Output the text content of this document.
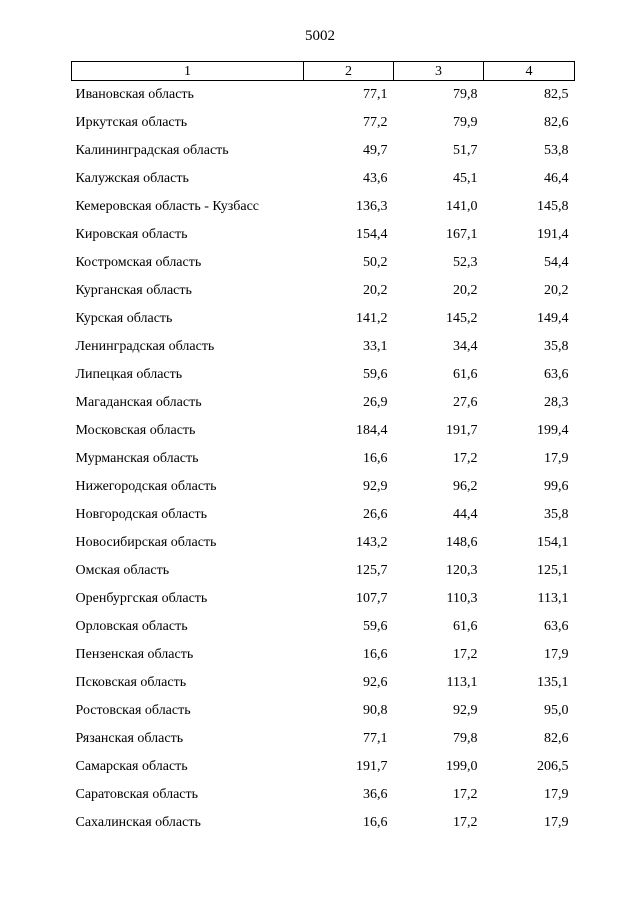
5002
1	2	3	4
Ивановская область	77,1	79,8	82,5
Иркутская область	77,2	79,9	82,6
Калининградская область	49,7	51,7	53,8
Калужская область	43,6	45,1	46,4
Кемеровская область - Кузбасс	136,3	141,0	145,8
Кировская область	154,4	167,1	191,4
Костромская область	50,2	52,3	54,4
Курганская область	20,2	20,2	20,2
Курская область	141,2	145,2	149,4
Ленинградская область	33,1	34,4	35,8
Липецкая область	59,6	61,6	63,6
Магаданская область	26,9	27,6	28,3
Московская область	184,4	191,7	199,4
Мурманская область	16,6	17,2	17,9
Нижегородская область	92,9	96,2	99,6
Новгородская область	26,6	44,4	35,8
Новосибирская область	143,2	148,6	154,1
Омская область	125,7	120,3	125,1
Оренбургская область	107,7	110,3	113,1
Орловская область	59,6	61,6	63,6
Пензенская область	16,6	17,2	17,9
Псковская область	92,6	113,1	135,1
Ростовская область	90,8	92,9	95,0
Рязанская область	77,1	79,8	82,6
Самарская область	191,7	199,0	206,5
Саратовская область	36,6	17,2	17,9
Сахалинская область	16,6	17,2	17,9
